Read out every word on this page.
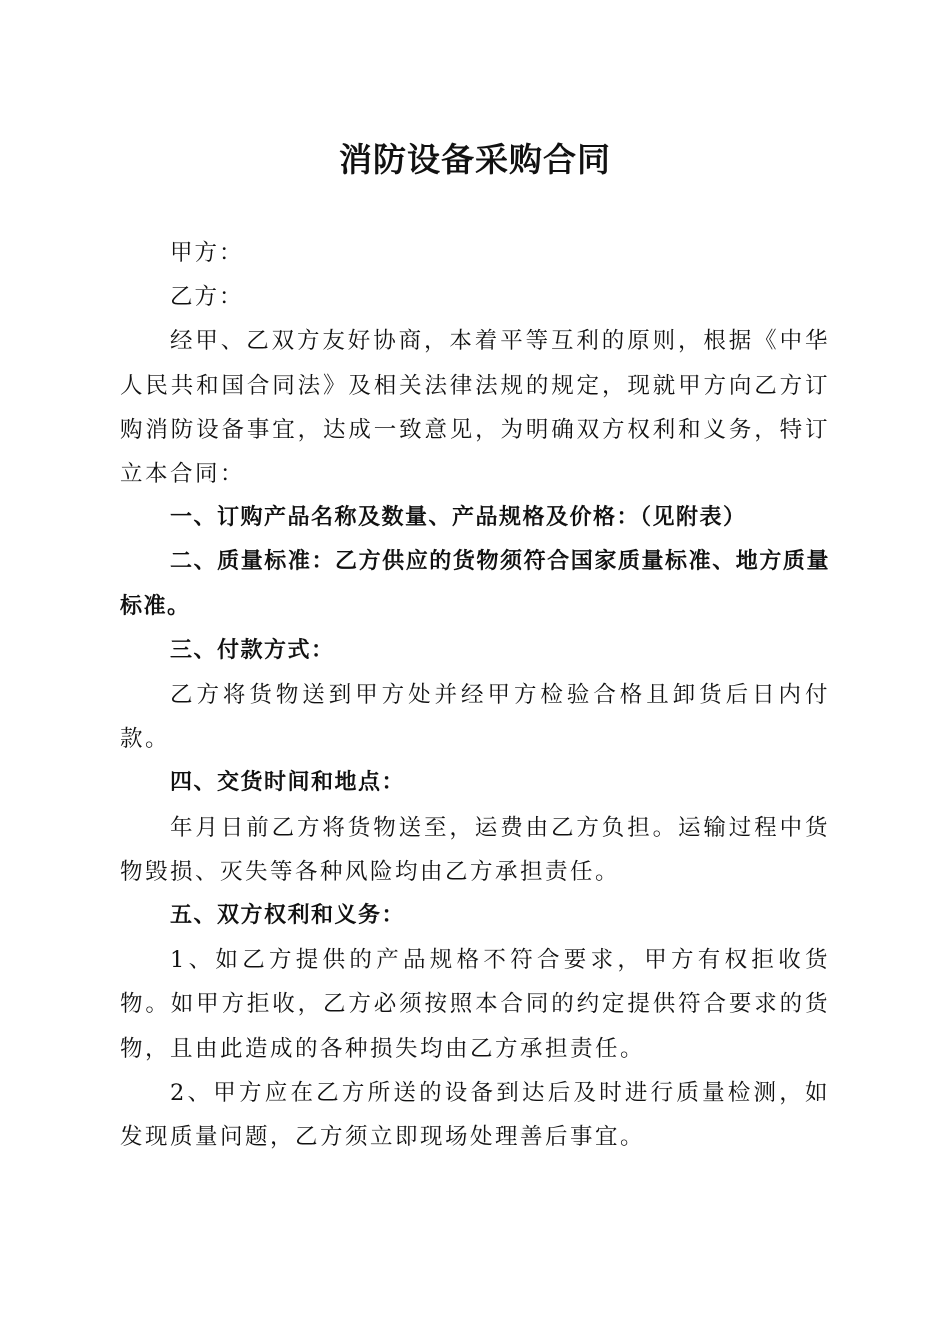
消防设备采购合同

甲方：

乙方：

经甲、乙双方友好协商，本着平等互利的原则，根据《中华人民共和国合同法》及相关法律法规的规定，现就甲方向乙方订购消防设备事宜，达成一致意见，为明确双方权利和义务，特订立本合同：

一、订购产品名称及数量、产品规格及价格：（见附表）

二、质量标准：乙方供应的货物须符合国家质量标准、地方质量标准。

三、付款方式：

乙方将货物送到甲方处并经甲方检验合格且卸货后日内付款。

四、交货时间和地点：

年月日前乙方将货物送至，运费由乙方负担。运输过程中货物毁损、灭失等各种风险均由乙方承担责任。

五、双方权利和义务：

1、如乙方提供的产品规格不符合要求，甲方有权拒收货物。如甲方拒收，乙方必须按照本合同的约定提供符合要求的货物，且由此造成的各种损失均由乙方承担责任。

2、甲方应在乙方所送的设备到达后及时进行质量检测，如发现质量问题，乙方须立即现场处理善后事宜。
